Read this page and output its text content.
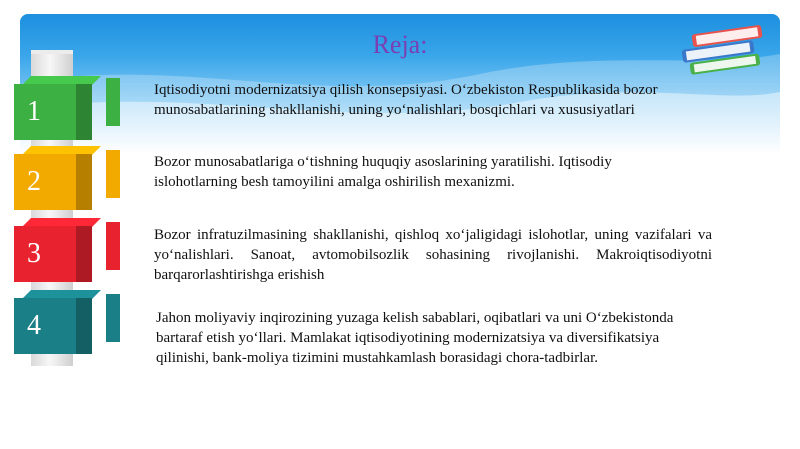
Reja:
1
Iqtisodiyotni modernizatsiya qilish konsepsiyasi. O‘zbekiston Respublikasida bozor munosabatlarining shakllanishi, uning yo‘nalishlari, bosqichlari va xususiyatlari
2
Bozor munosabatlariga o‘tishning huquqiy asoslarining yaratilishi. Iqtisodiy islohotlarning besh tamoyilini amalga oshirilish mexanizmi.
3
Bozor infratuzilmasining shakllanishi, qishloq xo‘jaligidagi islohotlar, uning vazifalari va yo‘nalishlari. Sanoat, avtomobilsozlik sohasining rivojlanishi. Makroiqtisodiyotni barqarorlashtirishga erishish
4	Jahon moliyaviy inqirozining yuzaga kelish sabablari, oqibatlari va uni O‘zbekistonda bartaraf etish yo‘llari. Mamlakat iqtisodiyotining modernizatsiya va diversifikatsiya qilinishi, bank-moliya tizimini mustahkamlash borasidagi chora-tadbirlar.
